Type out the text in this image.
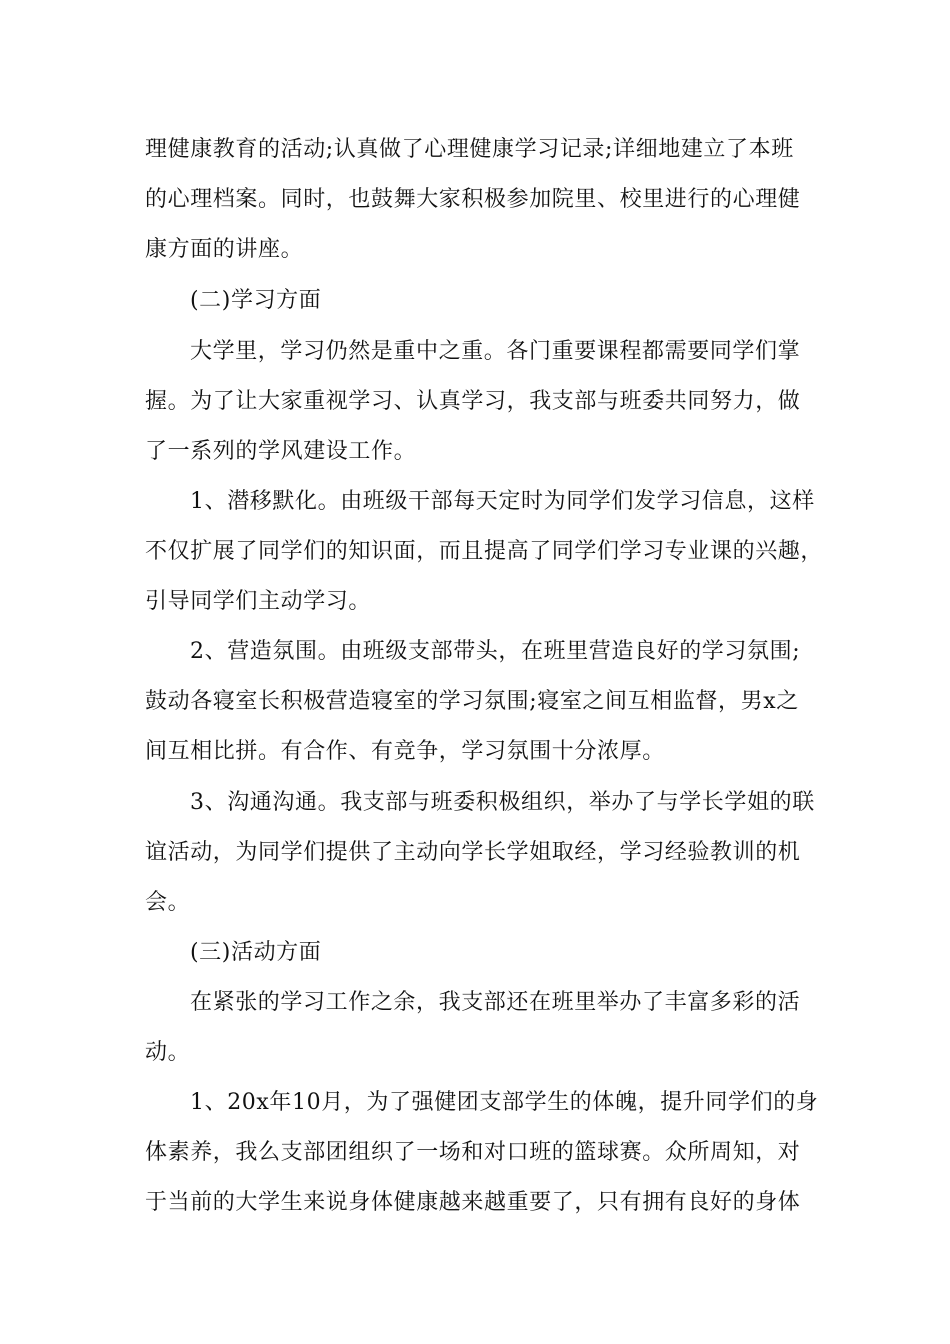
理健康教育的活动;认真做了心理健康学习记录;详细地建立了本班
的心理档案。同时，也鼓舞大家积极参加院里、校里进行的心理健
康方面的讲座。
(二)学习方面
大学里，学习仍然是重中之重。各门重要课程都需要同学们掌
握。为了让大家重视学习、认真学习，我支部与班委共同努力，做
了一系列的学风建设工作。
1、潜移默化。由班级干部每天定时为同学们发学习信息，这样
不仅扩展了同学们的知识面，而且提高了同学们学习专业课的兴趣，
引导同学们主动学习。
2、营造氛围。由班级支部带头，在班里营造良好的学习氛围;
鼓动各寝室长积极营造寝室的学习氛围;寝室之间互相监督，男x之
间互相比拼。有合作、有竞争，学习氛围十分浓厚。
3、沟通沟通。我支部与班委积极组织，举办了与学长学姐的联
谊活动，为同学们提供了主动向学长学姐取经，学习经验教训的机
会。
(三)活动方面
在紧张的学习工作之余，我支部还在班里举办了丰富多彩的活
动。
1、20x年10月，为了强健团支部学生的体魄，提升同学们的身
体素养，我么支部团组织了一场和对口班的篮球赛。众所周知，对
于当前的大学生来说身体健康越来越重要了，只有拥有良好的身体
